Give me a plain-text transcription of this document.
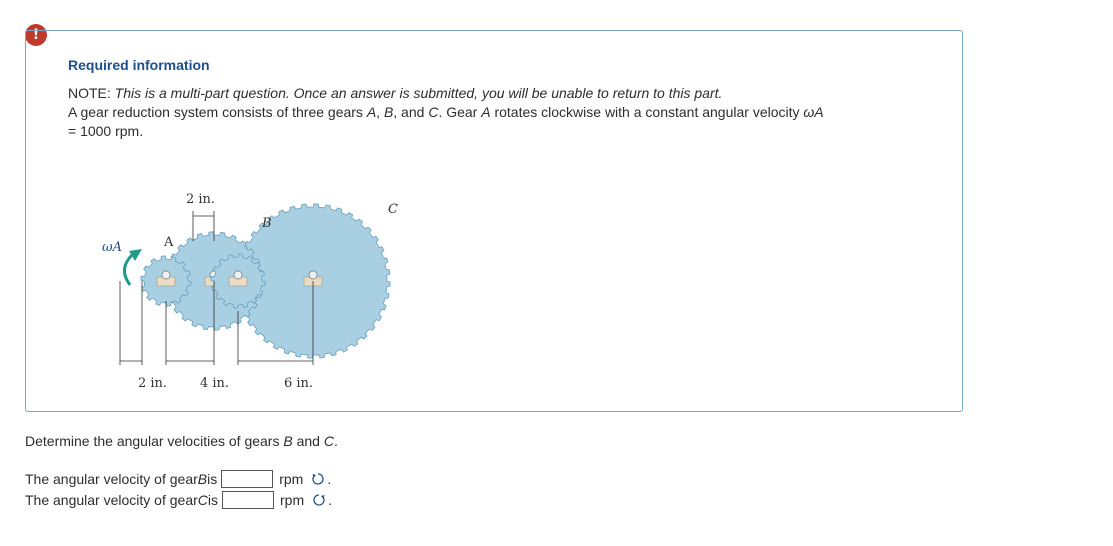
!
Required information
NOTE: This is a multi-part question. Once an answer is submitted, you will be unable to return to this part.
A gear reduction system consists of three gears A, B, and C. Gear A rotates clockwise with a constant angular velocity ωA
= 1000 rpm.
2 in.
2 in.	4 in.	6 in.
A
B
C
ωA
Determine the angular velocities of gears B and C.
The angular velocity of gear B is	rpm .
The angular velocity of gear C is	rpm .
